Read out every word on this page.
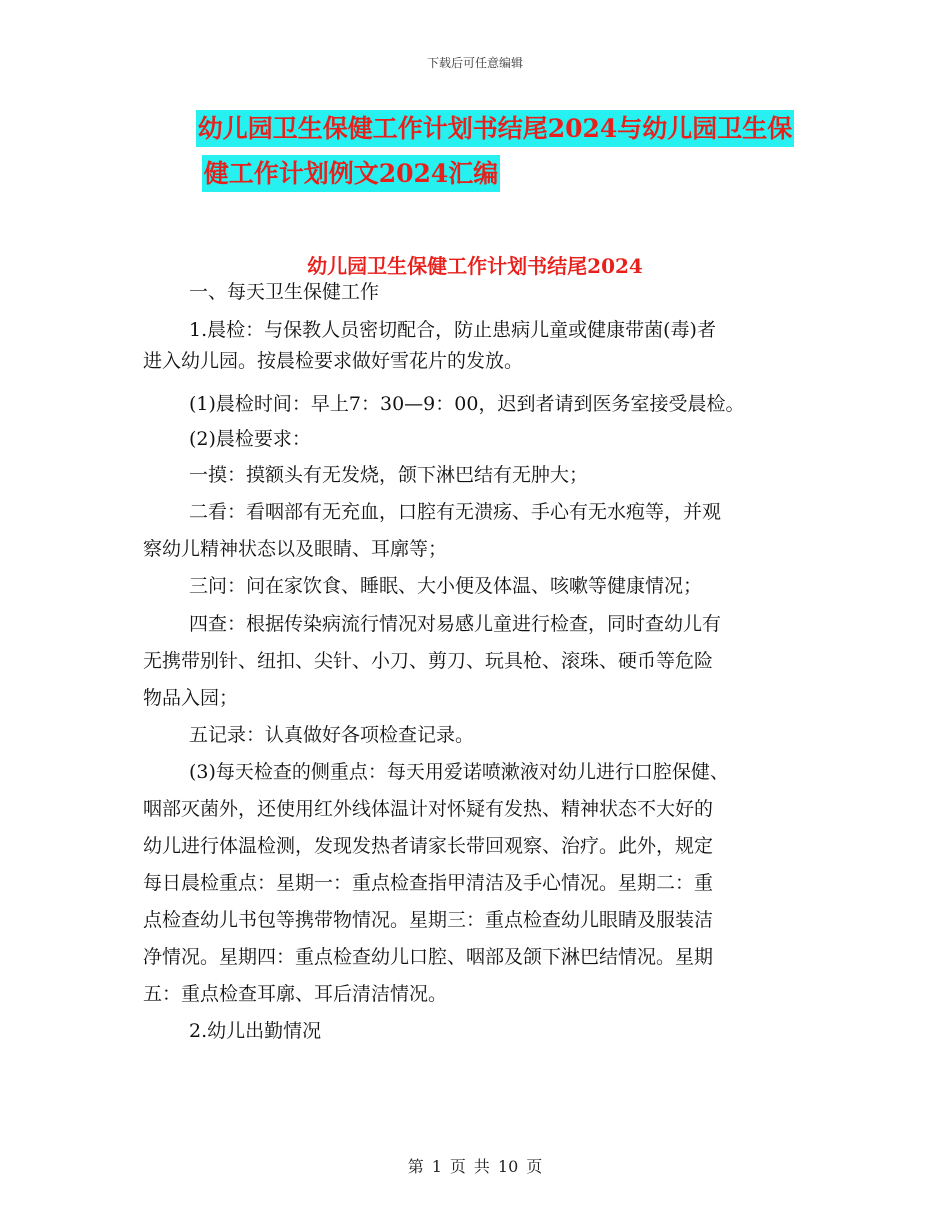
下载后可任意编辑
幼儿园卫生保健工作计划书结尾2024与幼儿园卫生保
健工作计划例文2024汇编
幼儿园卫生保健工作计划书结尾2024
一、每天卫生保健工作
1.晨检：与保教人员密切配合，防止患病儿童或健康带菌(毒)者
进入幼儿园。按晨检要求做好雪花片的发放。
(1)晨检时间：早上7：30—9：00，迟到者请到医务室接受晨检。
(2)晨检要求：
一摸：摸额头有无发烧，颌下淋巴结有无肿大；
二看：看咽部有无充血，口腔有无溃疡、手心有无水疱等，并观
察幼儿精神状态以及眼睛、耳廓等；
三问：问在家饮食、睡眠、大小便及体温、咳嗽等健康情况；
四查：根据传染病流行情况对易感儿童进行检查，同时查幼儿有
无携带别针、纽扣、尖针、小刀、剪刀、玩具枪、滚珠、硬币等危险
物品入园；
五记录：认真做好各项检查记录。
(3)每天检查的侧重点：每天用爱诺喷漱液对幼儿进行口腔保健、
咽部灭菌外，还使用红外线体温计对怀疑有发热、精神状态不大好的
幼儿进行体温检测，发现发热者请家长带回观察、治疗。此外，规定
每日晨检重点：星期一：重点检查指甲清洁及手心情况。星期二：重
点检查幼儿书包等携带物情况。星期三：重点检查幼儿眼睛及服装洁
净情况。星期四：重点检查幼儿口腔、咽部及颌下淋巴结情况。星期
五：重点检查耳廓、耳后清洁情况。
2.幼儿出勤情况
第 1 页 共 10 页
